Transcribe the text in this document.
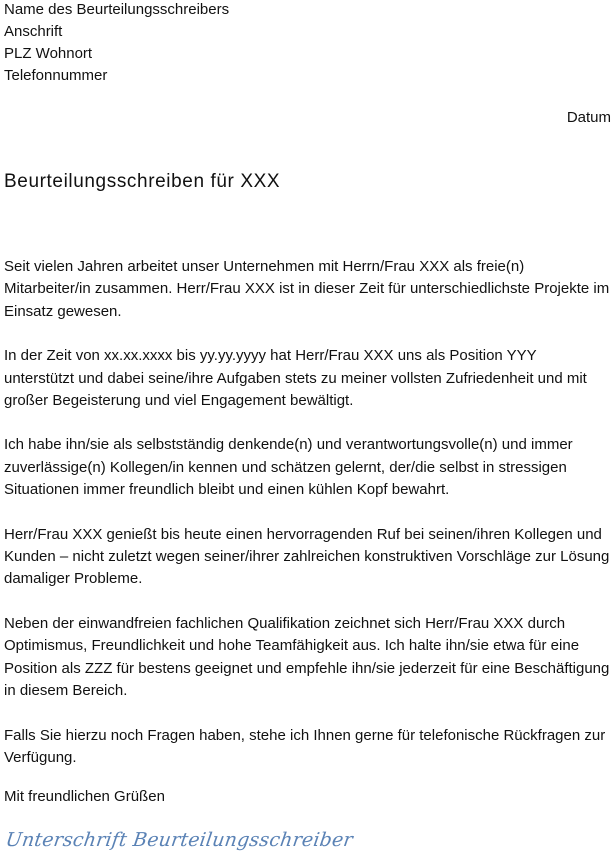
Name des Beurteilungsschreibers
Anschrift
PLZ Wohnort
Telefonnummer
Datum
Beurteilungsschreiben für XXX

Seit vielen Jahren arbeitet unser Unternehmen mit Herrn/Frau XXX als freie(n) Mitarbeiter/in zusammen. Herr/Frau XXX ist in dieser Zeit für unterschiedlichste Projekte im Einsatz gewesen.

In der Zeit von xx.xx.xxxx bis yy.yy.yyyy hat Herr/Frau XXX uns als Position YYY unterstützt und dabei seine/ihre Aufgaben stets zu meiner vollsten Zufriedenheit und mit großer Begeisterung und viel Engagement bewältigt.

Ich habe ihn/sie als selbstständig denkende(n) und verantwortungsvolle(n) und immer zuverlässige(n) Kollegen/in kennen und schätzen gelernt, der/die selbst in stressigen Situationen immer freundlich bleibt und einen kühlen Kopf bewahrt.

Herr/Frau XXX genießt bis heute einen hervorragenden Ruf bei seinen/ihren Kollegen und Kunden – nicht zuletzt wegen seiner/ihrer zahlreichen konstruktiven Vorschläge zur Lösung damaliger Probleme.

Neben der einwandfreien fachlichen Qualifikation zeichnet sich Herr/Frau XXX durch Optimismus, Freundlichkeit und hohe Teamfähigkeit aus. Ich halte ihn/sie etwa für eine Position als ZZZ für bestens geeignet und empfehle ihn/sie jederzeit für eine Beschäftigung in diesem Bereich.

Falls Sie hierzu noch Fragen haben, stehe ich Ihnen gerne für telefonische Rückfragen zur Verfügung.

Mit freundlichen Grüßen
Unterschrift Beurteilungsschreiber
